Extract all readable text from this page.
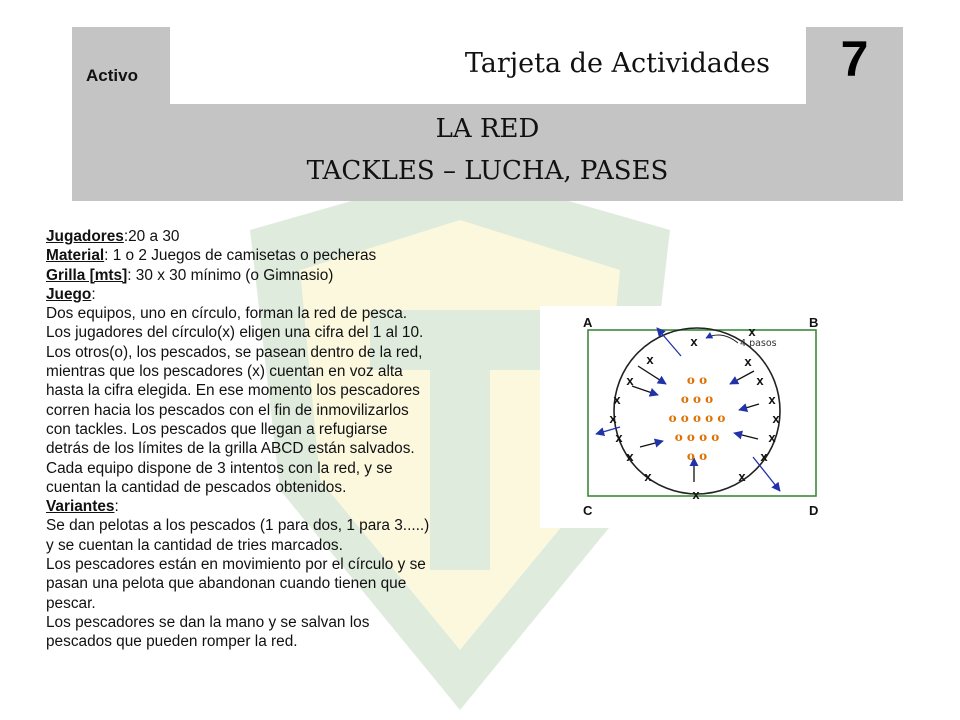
Activo	Tarjeta de Actividades	7
LA RED
TACKLES – LUCHA, PASES
Jugadores:20 a 30
Material: 1 o 2 Juegos de camisetas o pecheras
Grilla [mts]: 30 x 30 mínimo (o Gimnasio)
Juego:
Dos equipos, uno en círculo, forman la red de pesca.
Los jugadores del círculo(x) eligen una cifra del 1 al 10.
Los otros(o), los pescados, se pasean dentro de la red,
mientras que los pescadores (x) cuentan en voz alta
hasta la cifra elegida. En ese momento los pescadores
corren hacia los pescados con el fin de inmovilizarlos
con tackles. Los pescados que llegan a refugiarse
detrás de los límites de la grilla ABCD están salvados.
Cada equipo dispone de 3 intentos con la red, y se
cuentan la cantidad de pescados obtenidos.
Variantes:
Se dan pelotas a los pescados (1 para dos, 1 para 3.....)
y se cuentan la cantidad de tries marcados.
Los pescadores están en movimiento por el círculo y se
pasan una pelota que abandonan cuando tienen que
pescar.
Los pescadores se dan la mano y se salvan los
pescados que pueden romper la red.
A	B
C	D
4 pasos
x
x	x
x	x
x	x
x	x
x	x
x	x
x	x
x
x
o o
o o o
o o o o o
o o o o
o o
